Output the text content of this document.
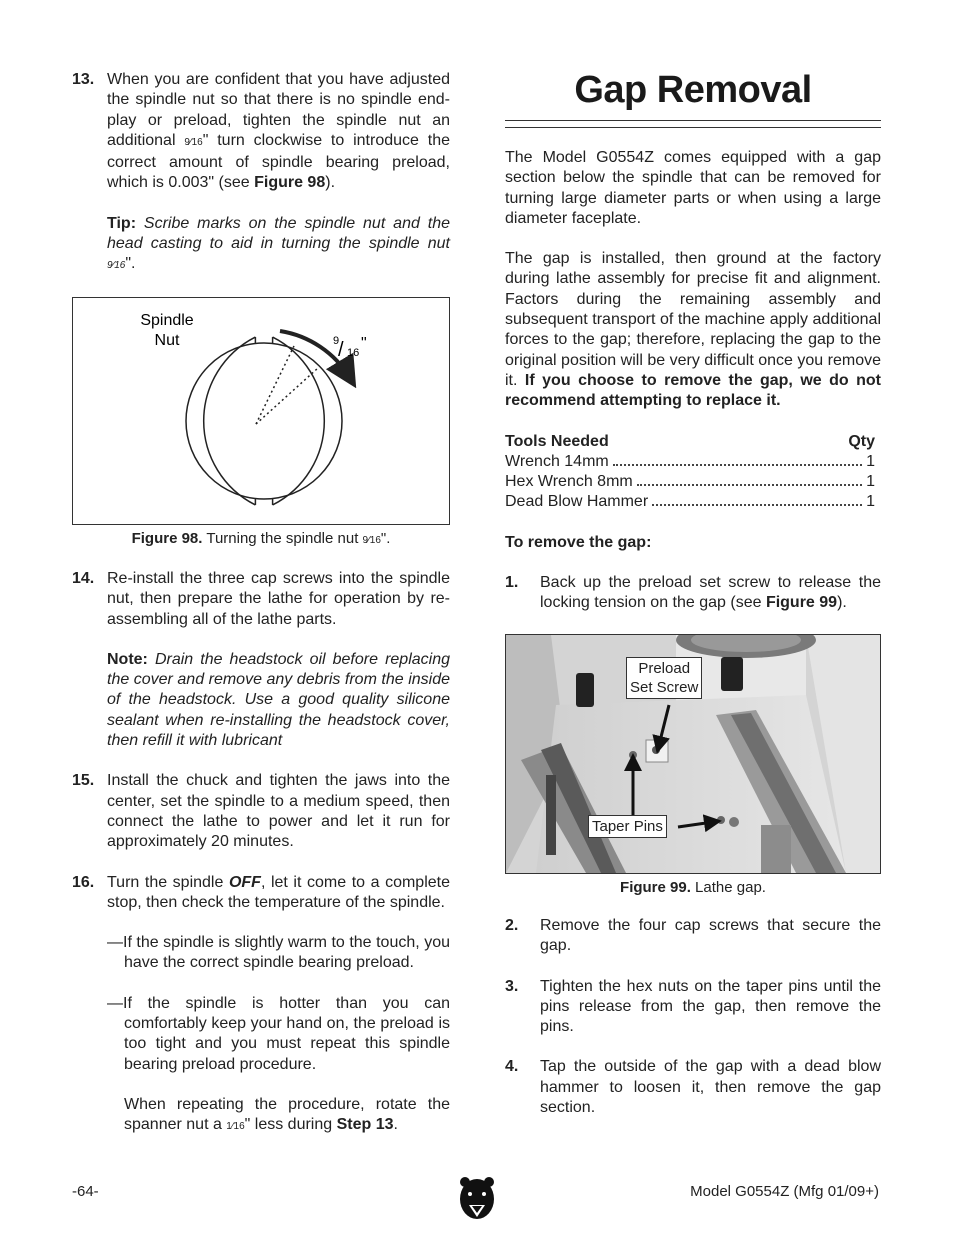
13. When you are confident that you have adjusted the spindle nut so that there is no spindle end-play or preload, tighten the spindle nut an additional 9⁄16" turn clockwise to introduce the correct amount of spindle bearing preload, which is 0.003" (see Figure 98).
Tip: Scribe marks on the spindle nut and the head casting to aid in turning the spindle nut 9⁄16".
Spindle
Nut	9
/ 16
"
Figure 98. Turning the spindle nut 9⁄16".
14. Re-install the three cap screws into the spindle nut, then prepare the lathe for operation by re-assembling all of the lathe parts.
Note: Drain the headstock oil before replacing the cover and remove any debris from the inside of the headstock. Use a good quality silicone sealant when re-installing the headstock cover, then refill it with lubricant
15. Install the chuck and tighten the jaws into the center, set the spindle to a medium speed, then connect the lathe to power and let it run for approximately 20 minutes.
16. Turn the spindle OFF, let it come to a complete stop, then check the temperature of the spindle.
—If the spindle is slightly warm to the touch, you have the correct spindle bearing preload.
—If the spindle is hotter than you can comfortably keep your hand on, the preload is too tight and you must repeat this spindle bearing preload procedure.
When repeating the procedure, rotate the spanner nut a 1⁄16" less during Step 13.
Gap Removal

The Model G0554Z comes equipped with a gap section below the spindle that can be removed for turning large diameter parts or when using a large diameter faceplate.

The gap is installed, then ground at the factory during lathe assembly for precise fit and alignment. Factors during the remaining assembly and subsequent transport of the machine apply additional forces to the gap; therefore, replacing the gap to the original position will be very difficult once you remove it. If you choose to remove the gap, we do not recommend attempting to replace it.

Tools Needed	Qty
Wrench 14mm	1
Hex Wrench 8mm	1
Dead Blow Hammer	1

To remove the gap:

1. Back up the preload set screw to release the locking tension on the gap (see Figure 99).
Preload
Set Screw
Taper Pins
Figure 99. Lathe gap.
2. Remove the four cap screws that secure the gap.
3. Tighten the hex nuts on the taper pins until the pins release from the gap, then remove the pins.
4. Tap the outside of the gap with a dead blow hammer to loosen it, then remove the gap section.
-64-	Model G0554Z (Mfg 01/09+)
